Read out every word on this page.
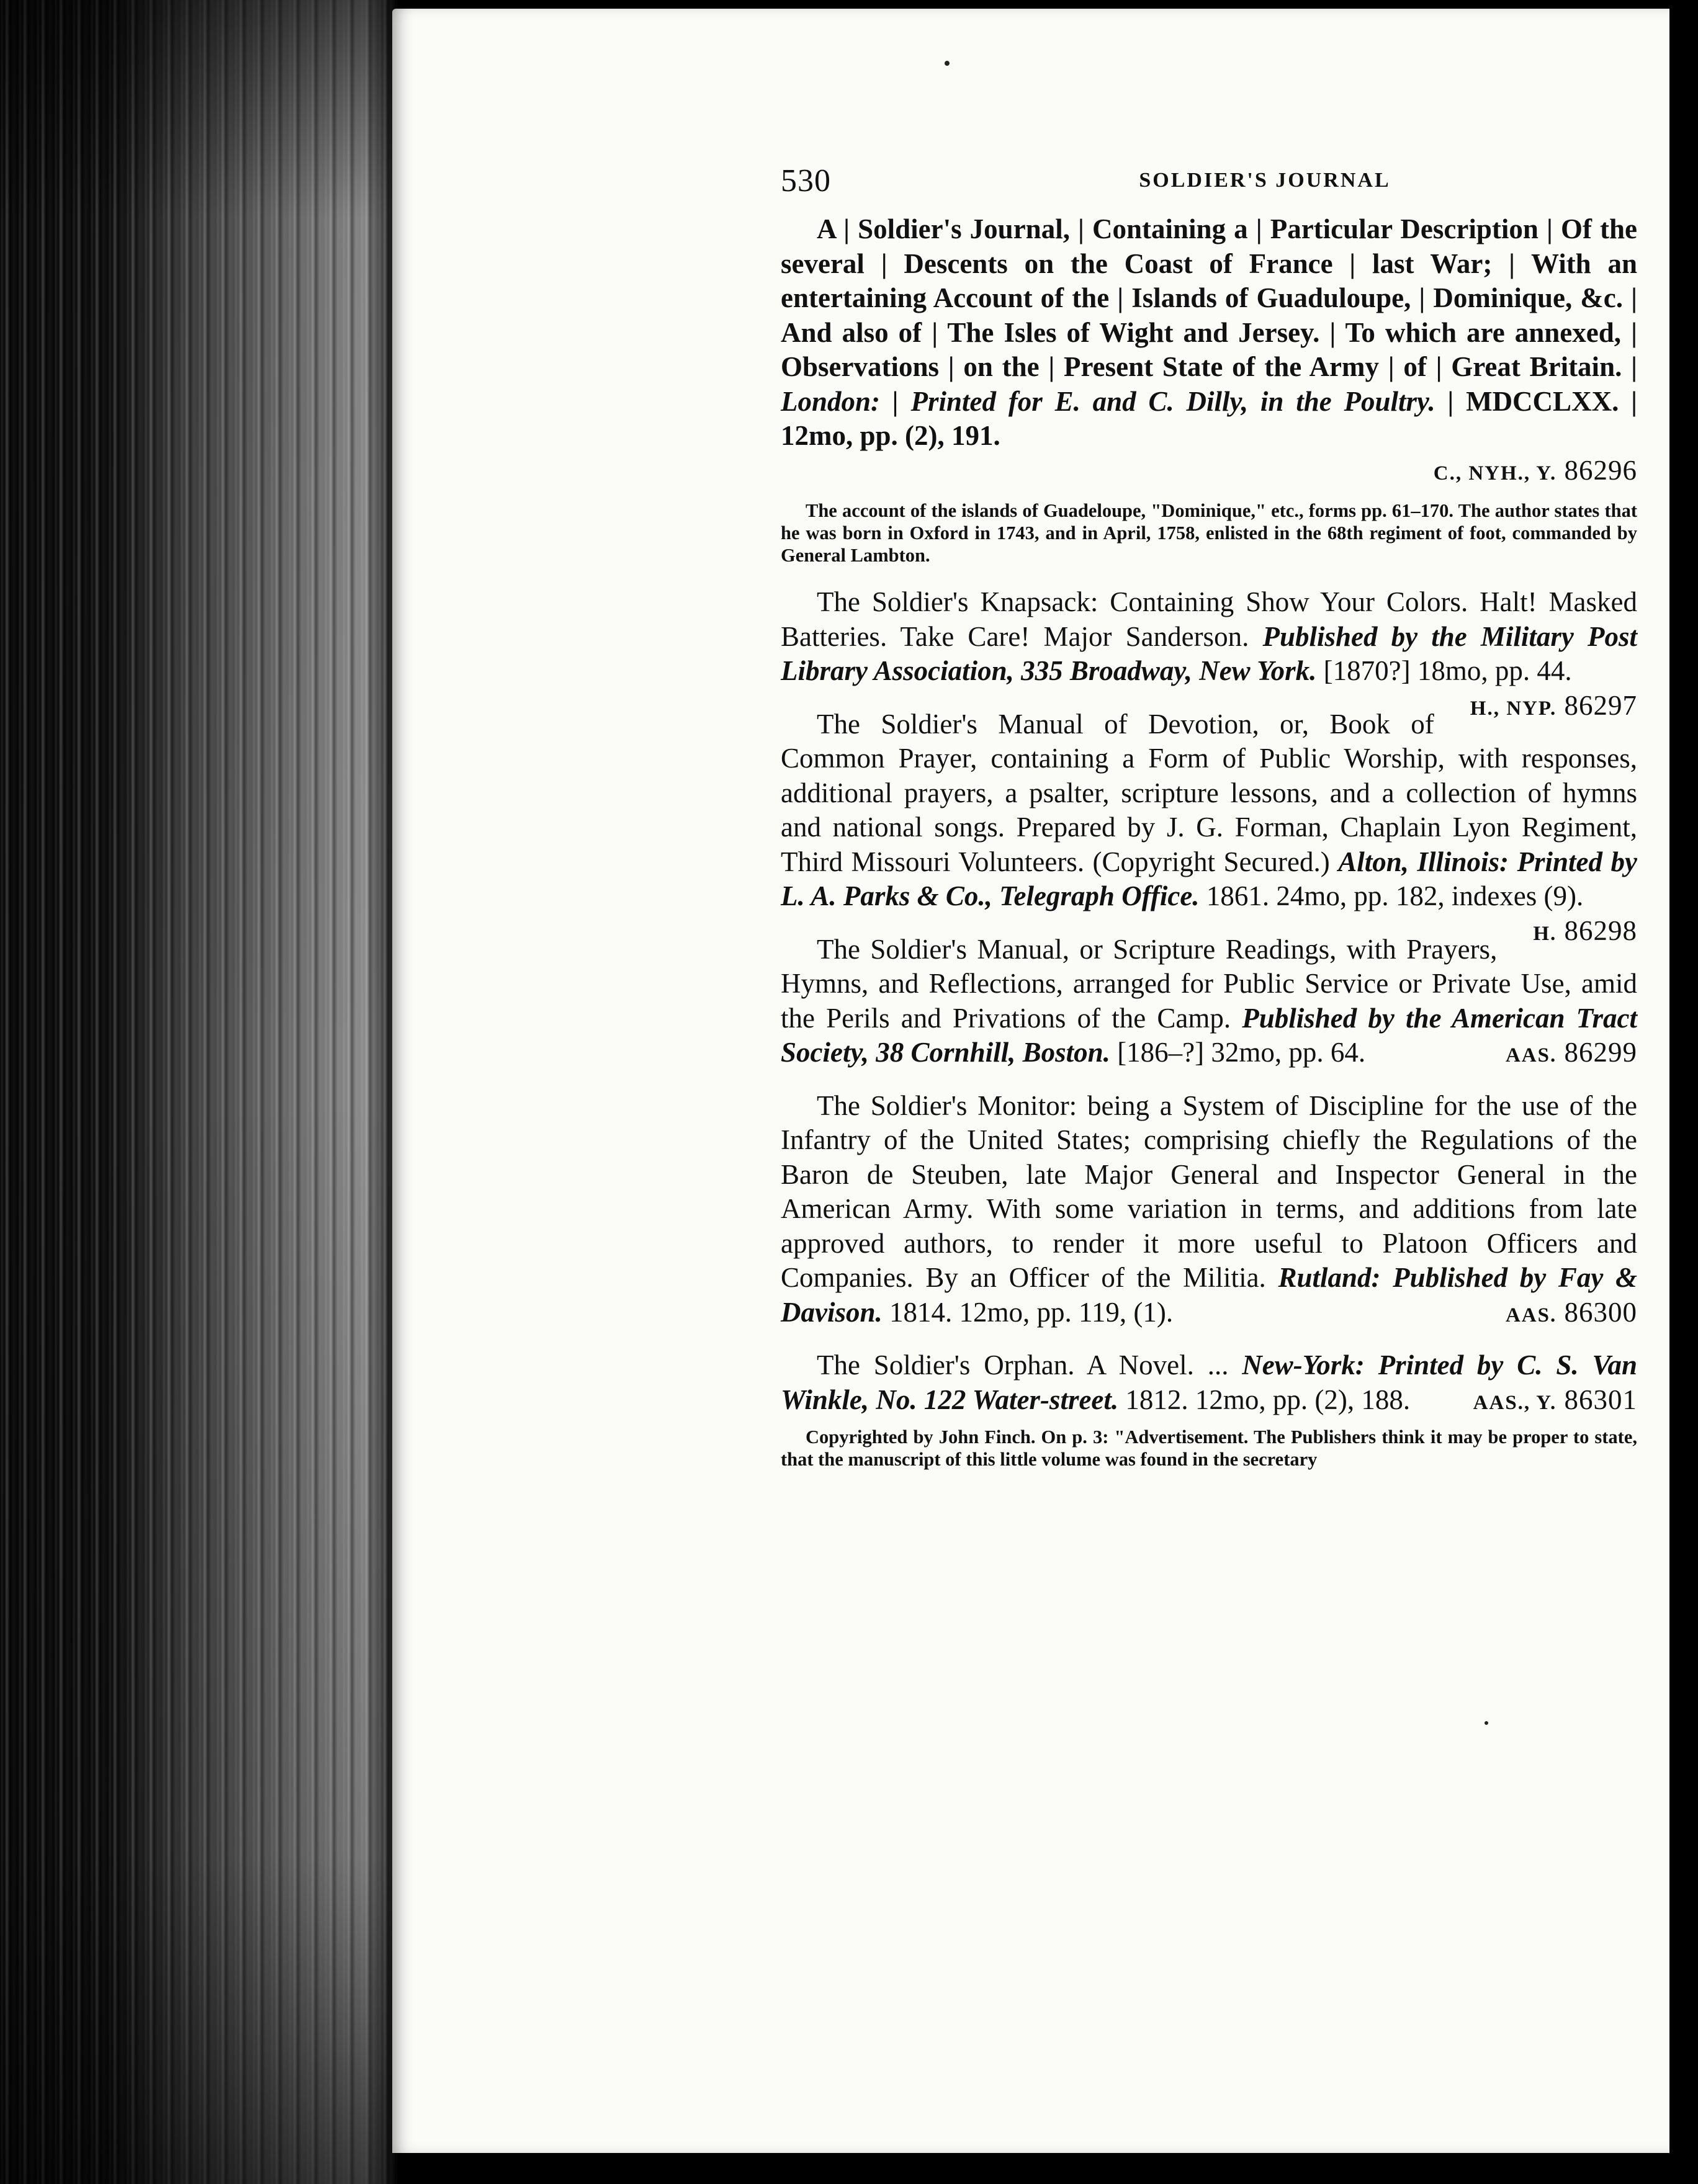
530	SOLDIER'S JOURNAL

A | Soldier's Journal, | Containing a | Particular Description | Of the several | Descents on the Coast of France | last War; | With an entertaining Account of the | Islands of Guaduloupe, | Dominique, &c. | And also of | The Isles of Wight and Jersey. | To which are annexed, | Observations | on the | Present State of the Army | of | Great Britain. | London: | Printed for E. and C. Dilly, in the Poultry. | MDCCLXX. | 12mo, pp. (2), 191.

C., NYH., Y. 86296

The account of the islands of Guadeloupe, "Dominique," etc., forms pp. 61–170. The author states that he was born in Oxford in 1743, and in April, 1758, enlisted in the 68th regiment of foot, commanded by General Lambton.

The Soldier's Knapsack: Containing Show Your Colors. Halt! Masked Batteries. Take Care! Major Sanderson. Published by the Military Post Library Association, 335 Broadway, New York. [1870?] 18mo, pp. 44.
H., NYP. 86297

The Soldier's Manual of Devotion, or, Book of Common Prayer, containing a Form of Public Worship, with responses, additional prayers, a psalter, scripture lessons, and a collection of hymns and national songs. Prepared by J. G. Forman, Chaplain Lyon Regiment, Third Missouri Volunteers. (Copyright Secured.) Alton, Illinois: Printed by L. A. Parks & Co., Telegraph Office. 1861. 24mo, pp. 182, indexes (9).
H. 86298

The Soldier's Manual, or Scripture Readings, with Prayers, Hymns, and Reflections, arranged for Public Service or Private Use, amid the Perils and Privations of the Camp. Published by the American Tract Society, 38 Cornhill, Boston. [186–?] 32mo, pp. 64.	AAS. 86299

The Soldier's Monitor: being a System of Discipline for the use of the Infantry of the United States; comprising chiefly the Regulations of the Baron de Steuben, late Major General and Inspector General in the American Army. With some variation in terms, and additions from late approved authors, to render it more useful to Platoon Officers and Companies. By an Officer of the Militia. Rutland: Published by Fay & Davison. 1814. 12mo, pp. 119, (1).	AAS. 86300

The Soldier's Orphan. A Novel. ... New-York: Printed by C. S. Van Winkle, No. 122 Water-street. 1812. 12mo, pp. (2), 188.	AAS., Y. 86301

Copyrighted by John Finch. On p. 3: "Advertisement. The Publishers think it may be proper to state, that the manuscript of this little volume was found in the secretary
